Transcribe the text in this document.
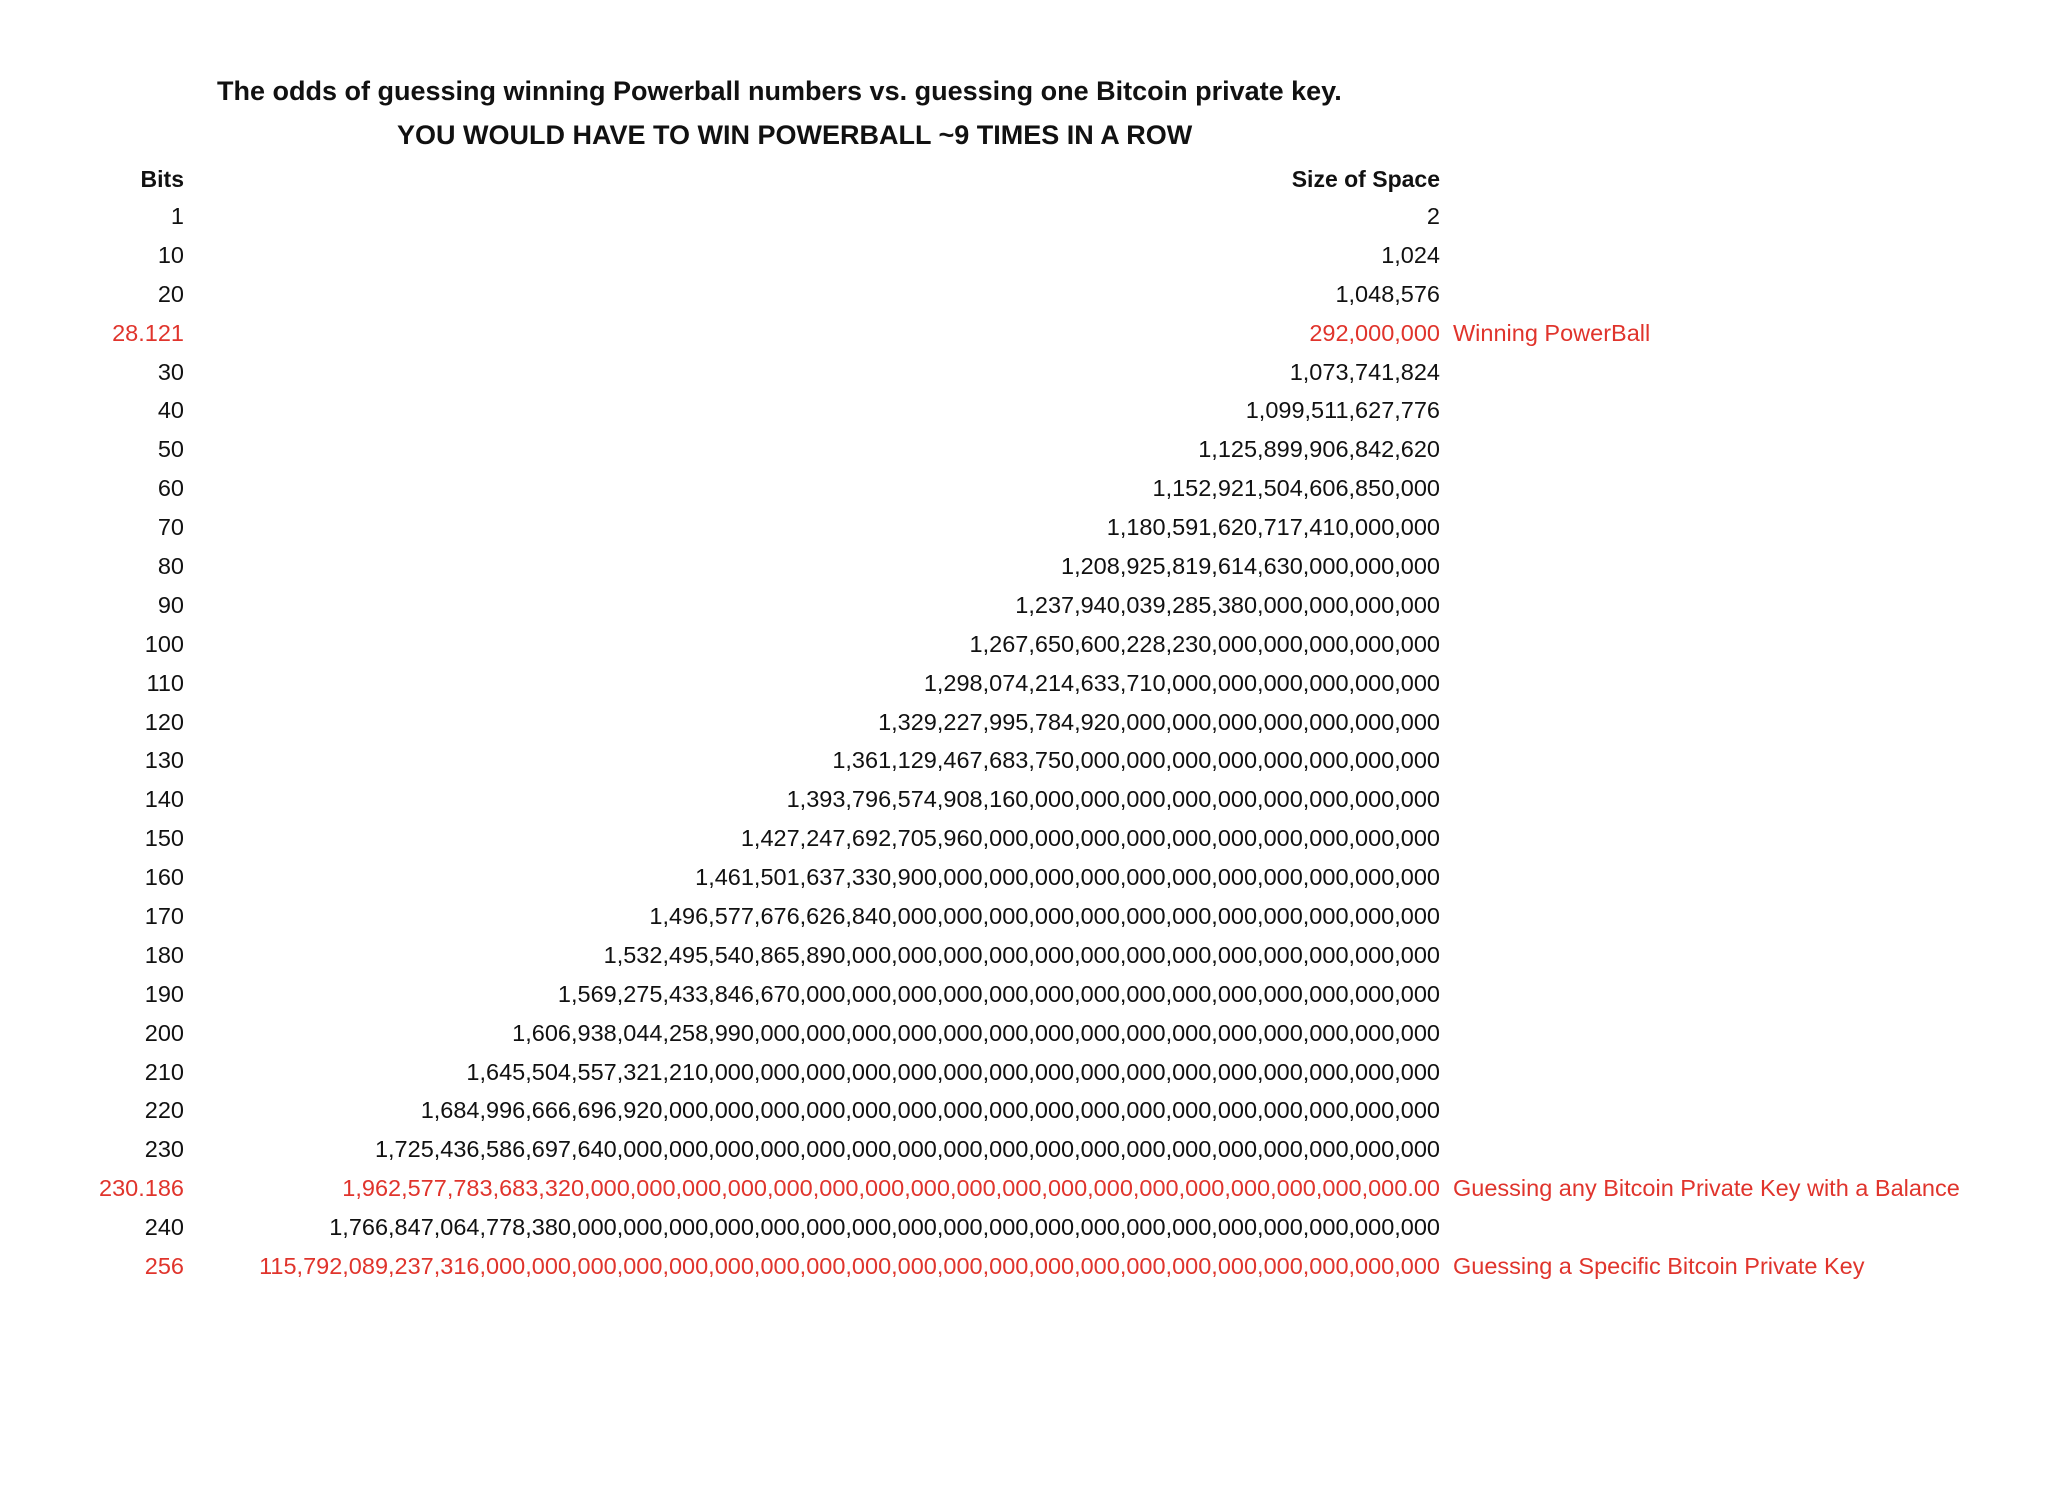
The odds of guessing winning Powerball numbers vs. guessing one Bitcoin private key.
YOU WOULD HAVE TO WIN POWERBALL ~9 TIMES IN A ROW
Bits	Size of Space
1	2
10	1,024
20	1,048,576
28.121	292,000,000 Winning PowerBall
30	1,073,741,824
40	1,099,511,627,776
50	1,125,899,906,842,620
60	1,152,921,504,606,850,000
70	1,180,591,620,717,410,000,000
80	1,208,925,819,614,630,000,000,000
90	1,237,940,039,285,380,000,000,000,000
100	1,267,650,600,228,230,000,000,000,000,000
110	1,298,074,214,633,710,000,000,000,000,000,000
120	1,329,227,995,784,920,000,000,000,000,000,000,000
130	1,361,129,467,683,750,000,000,000,000,000,000,000,000
140	1,393,796,574,908,160,000,000,000,000,000,000,000,000,000
150	1,427,247,692,705,960,000,000,000,000,000,000,000,000,000,000
160	1,461,501,637,330,900,000,000,000,000,000,000,000,000,000,000,000
170	1,496,577,676,626,840,000,000,000,000,000,000,000,000,000,000,000,000
180	1,532,495,540,865,890,000,000,000,000,000,000,000,000,000,000,000,000,000
190	1,569,275,433,846,670,000,000,000,000,000,000,000,000,000,000,000,000,000,000
200	1,606,938,044,258,990,000,000,000,000,000,000,000,000,000,000,000,000,000,000,000
210	1,645,504,557,321,210,000,000,000,000,000,000,000,000,000,000,000,000,000,000,000,000
220	1,684,996,666,696,920,000,000,000,000,000,000,000,000,000,000,000,000,000,000,000,000,000
230	1,725,436,586,697,640,000,000,000,000,000,000,000,000,000,000,000,000,000,000,000,000,000,000
230.186	1,962,577,783,683,320,000,000,000,000,000,000,000,000,000,000,000,000,000,000,000,000,000,000.00 Guessing any Bitcoin Private Key with a Balance
240	1,766,847,064,778,380,000,000,000,000,000,000,000,000,000,000,000,000,000,000,000,000,000,000,000
256	115,792,089,237,316,000,000,000,000,000,000,000,000,000,000,000,000,000,000,000,000,000,000,000,000,000 Guessing a Specific Bitcoin Private Key
